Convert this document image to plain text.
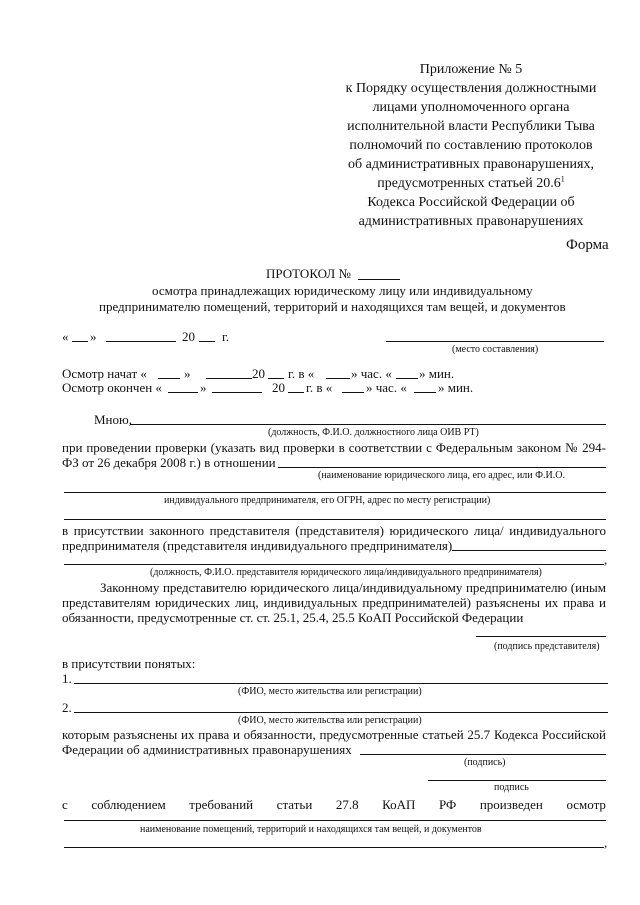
Приложение № 5
к Порядку осуществления должностными
лицами уполномоченного органа
исполнительной власти Республики Тыва
полномочий по составлению протоколов
об административных правонарушениях,
предусмотренных статьей 20.6$^1$
Кодекса Российской Федерации об
административных правонарушениях
Форма
ПРОТОКОЛ №
осмотра принадлежащих юридическому лицу или индивидуальному
предпринимателю помещений, территорий и находящихся там вещей, и документов
« »	20 г.
(место составления)
Осмотр начат «	»	20 г. в «	» час. « » мин.
Осмотр окончен «	»	20 г. в «	» час. « » мин.
Мною,
(должность, Ф.И.О. должностного лица ОИВ РТ)
при проведении проверки (указать вид проверки в соответствии с Федеральным законом № 294-
ФЗ от 26 декабря 2008 г.) в отношении
(наименование юридического лица, его адрес, или Ф.И.О.
индивидуального предпринимателя, его ОГРН, адрес по месту регистрации)
в присутствии законного представителя (представителя) юридического лица/ индивидуального
предпринимателя (представителя индивидуального предпринимателя)
,
(должность, Ф.И.О. представителя юридического лица/индивидуального предпринимателя)
Законному представителю юридического лица/индивидуальному предпринимателю (иным
представителям юридических лиц, индивидуальных предпринимателей) разъяснены их права и
обязанности, предусмотренные ст. ст. 25.1, 25.4, 25.5 КоАП Российской Федерации
(подпись представителя)
в присутствии понятых:
1.
(ФИО, место жительства или регистрации)
2.
(ФИО, место жительства или регистрации)
которым разъяснены их права и обязанности, предусмотренные статьей 25.7 Кодекса Российской
Федерации об административных правонарушениях
(подпись)
подпись
с соблюдением требований статьи 27.8 КоАП РФ произведен осмотр
наименование помещений, территорий и находящихся там вещей, и документов
,
